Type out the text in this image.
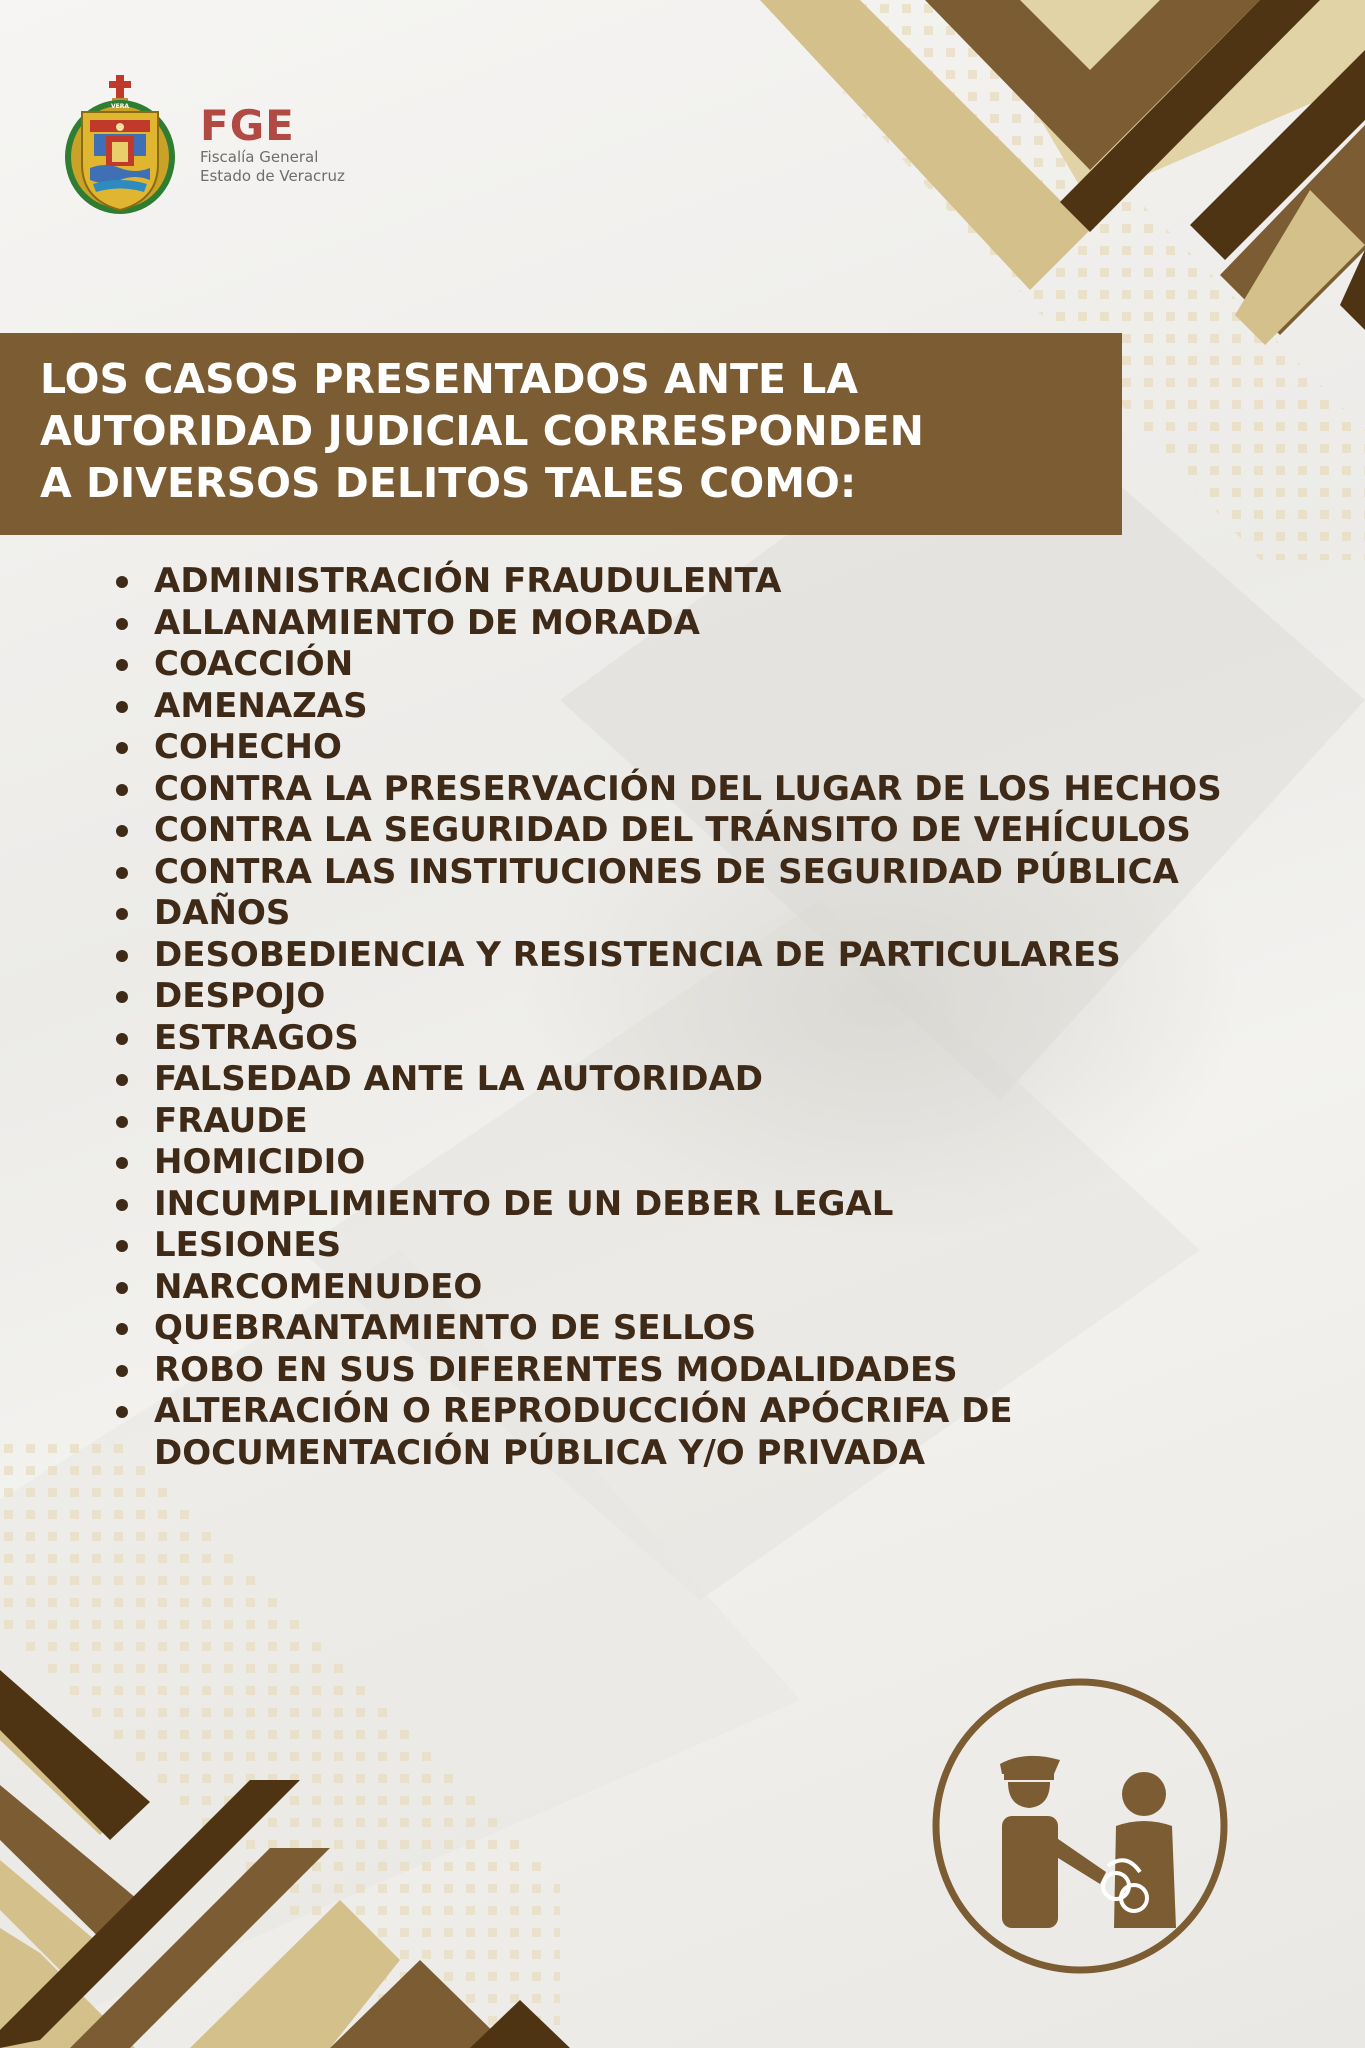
VERA FGE
Fiscalía General
Estado de Veracruz
LOS CASOS PRESENTADOS ANTE LA
AUTORIDAD JUDICIAL CORRESPONDEN
A DIVERSOS DELITOS TALES COMO:
ADMINISTRACIÓN FRAUDULENTA
ALLANAMIENTO DE MORADA
COACCIÓN
AMENAZAS
COHECHO
CONTRA LA PRESERVACIÓN DEL LUGAR DE LOS HECHOS
CONTRA LA SEGURIDAD DEL TRÁNSITO DE VEHÍCULOS
CONTRA LAS INSTITUCIONES DE SEGURIDAD PÚBLICA
DAÑOS
DESOBEDIENCIA Y RESISTENCIA DE PARTICULARES
DESPOJO
ESTRAGOS
FALSEDAD ANTE LA AUTORIDAD
FRAUDE
HOMICIDIO
INCUMPLIMIENTO DE UN DEBER LEGAL
LESIONES
NARCOMENUDEO
QUEBRANTAMIENTO DE SELLOS
ROBO EN SUS DIFERENTES MODALIDADES
ALTERACIÓN O REPRODUCCIÓN APÓCRIFA DE DOCUMENTACIÓN PÚBLICA Y/O PRIVADA
